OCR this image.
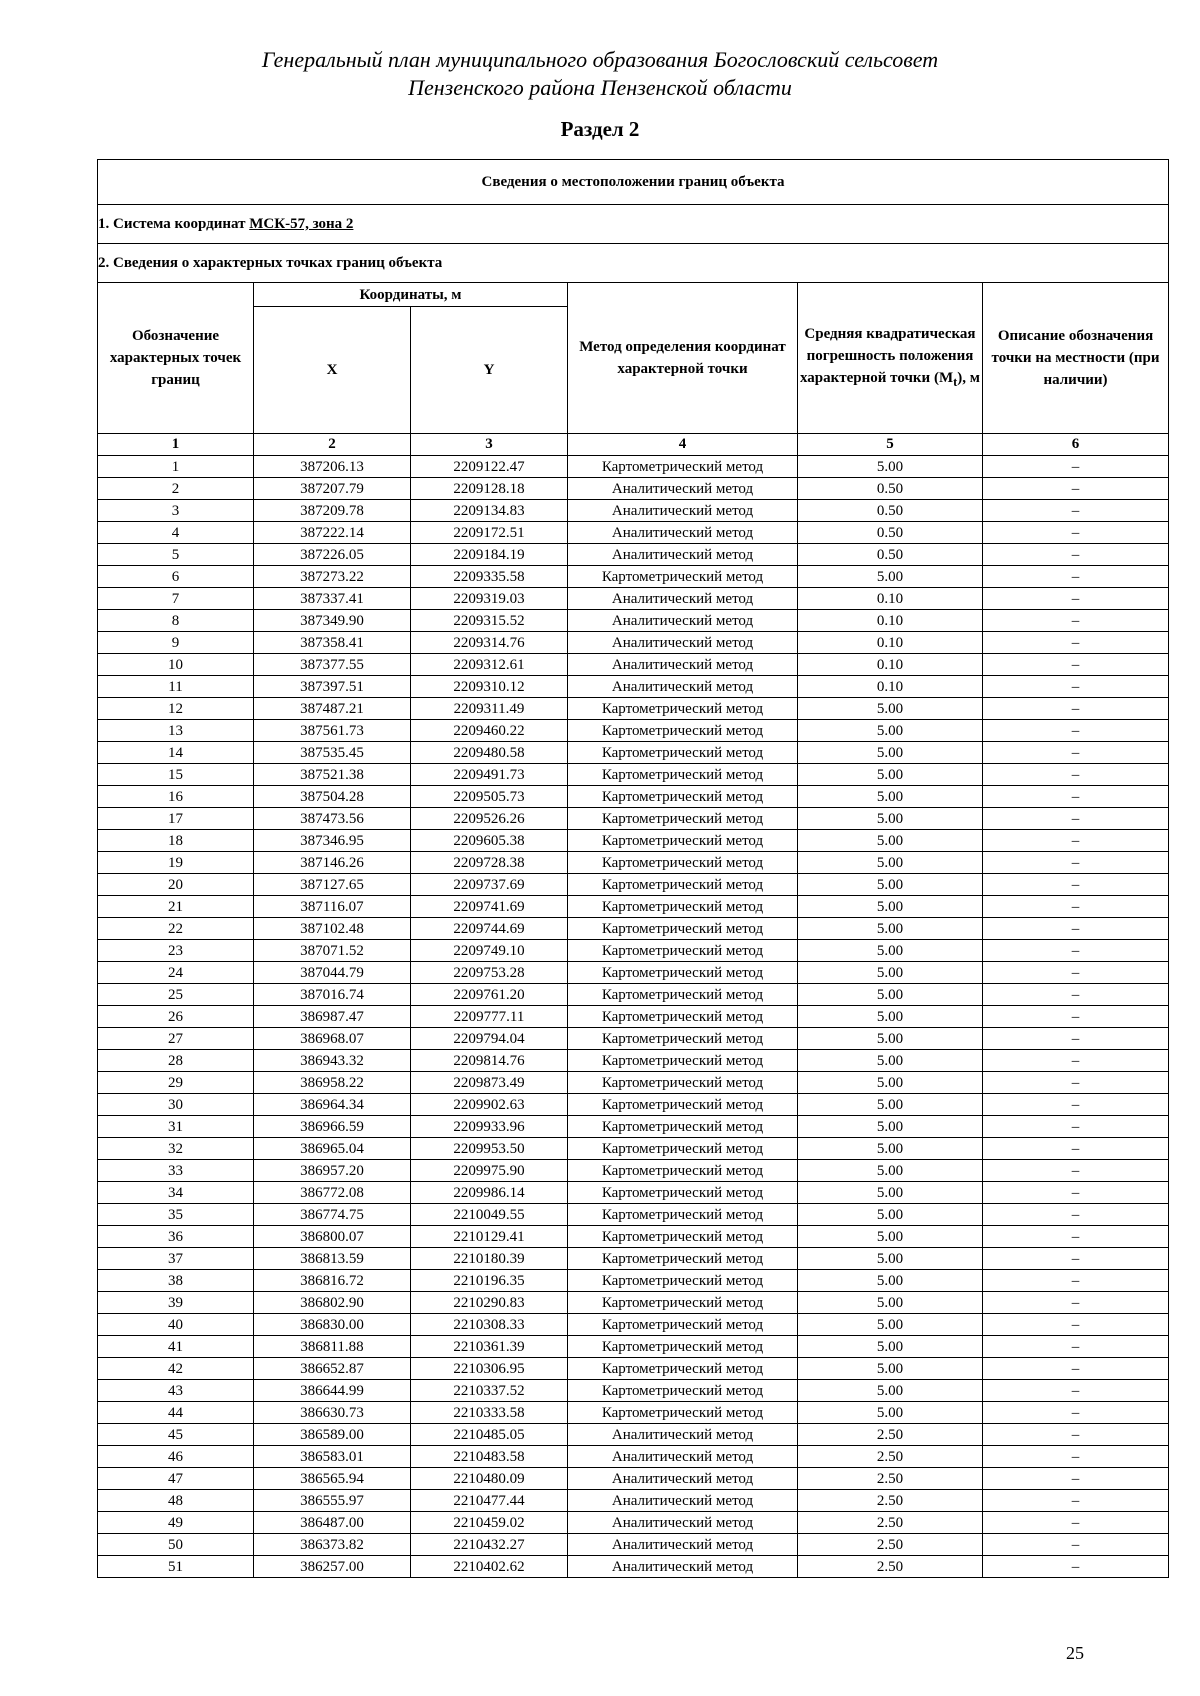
Генеральный план муниципального образования Богословский сельсовет
Пензенского района Пензенской области
Раздел 2
Сведения о местоположении границ объекта					
1. Система координат МСК-57, зона 2					
2. Сведения о характерных точках границ объекта					
Обозначение характерных точек границ	Координаты, м		Метод определения координат характерной точки	Средняя квадратическая погрешность положения характерной точки $(M_t)$, м	Описание обозначения точки на местности (при наличии)
	X	Y			
1	2	3	4	5	6
1	387206.13	2209122.47	Картометрический метод	5.00	–
2	387207.79	2209128.18	Аналитический метод	0.50	–
3	387209.78	2209134.83	Аналитический метод	0.50	–
4	387222.14	2209172.51	Аналитический метод	0.50	–
5	387226.05	2209184.19	Аналитический метод	0.50	–
6	387273.22	2209335.58	Картометрический метод	5.00	–
7	387337.41	2209319.03	Аналитический метод	0.10	–
8	387349.90	2209315.52	Аналитический метод	0.10	–
9	387358.41	2209314.76	Аналитический метод	0.10	–
10	387377.55	2209312.61	Аналитический метод	0.10	–
11	387397.51	2209310.12	Аналитический метод	0.10	–
12	387487.21	2209311.49	Картометрический метод	5.00	–
13	387561.73	2209460.22	Картометрический метод	5.00	–
14	387535.45	2209480.58	Картометрический метод	5.00	–
15	387521.38	2209491.73	Картометрический метод	5.00	–
16	387504.28	2209505.73	Картометрический метод	5.00	–
17	387473.56	2209526.26	Картометрический метод	5.00	–
18	387346.95	2209605.38	Картометрический метод	5.00	–
19	387146.26	2209728.38	Картометрический метод	5.00	–
20	387127.65	2209737.69	Картометрический метод	5.00	–
21	387116.07	2209741.69	Картометрический метод	5.00	–
22	387102.48	2209744.69	Картометрический метод	5.00	–
23	387071.52	2209749.10	Картометрический метод	5.00	–
24	387044.79	2209753.28	Картометрический метод	5.00	–
25	387016.74	2209761.20	Картометрический метод	5.00	–
26	386987.47	2209777.11	Картометрический метод	5.00	–
27	386968.07	2209794.04	Картометрический метод	5.00	–
28	386943.32	2209814.76	Картометрический метод	5.00	–
29	386958.22	2209873.49	Картометрический метод	5.00	–
30	386964.34	2209902.63	Картометрический метод	5.00	–
31	386966.59	2209933.96	Картометрический метод	5.00	–
32	386965.04	2209953.50	Картометрический метод	5.00	–
33	386957.20	2209975.90	Картометрический метод	5.00	–
34	386772.08	2209986.14	Картометрический метод	5.00	–
35	386774.75	2210049.55	Картометрический метод	5.00	–
36	386800.07	2210129.41	Картометрический метод	5.00	–
37	386813.59	2210180.39	Картометрический метод	5.00	–
38	386816.72	2210196.35	Картометрический метод	5.00	–
39	386802.90	2210290.83	Картометрический метод	5.00	–
40	386830.00	2210308.33	Картометрический метод	5.00	–
41	386811.88	2210361.39	Картометрический метод	5.00	–
42	386652.87	2210306.95	Картометрический метод	5.00	–
43	386644.99	2210337.52	Картометрический метод	5.00	–
44	386630.73	2210333.58	Картометрический метод	5.00	–
45	386589.00	2210485.05	Аналитический метод	2.50	–
46	386583.01	2210483.58	Аналитический метод	2.50	–
47	386565.94	2210480.09	Аналитический метод	2.50	–
48	386555.97	2210477.44	Аналитический метод	2.50	–
49	386487.00	2210459.02	Аналитический метод	2.50	–
50	386373.82	2210432.27	Аналитический метод	2.50	–
51	386257.00	2210402.62	Аналитический метод	2.50	–
25
